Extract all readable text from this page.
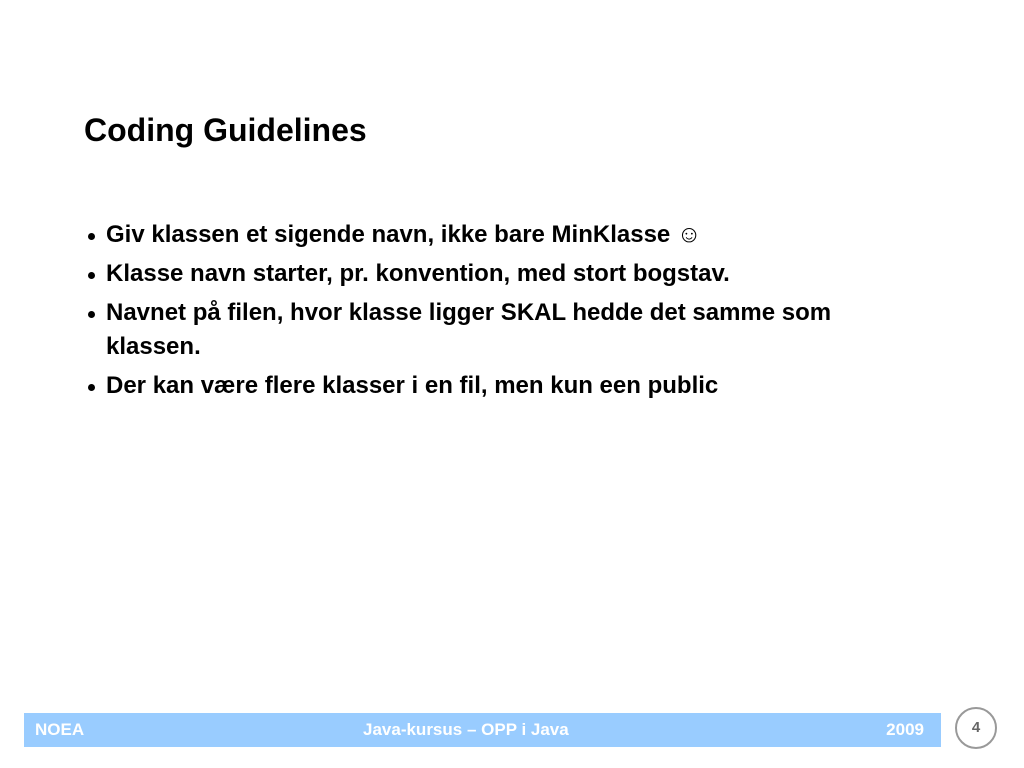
Coding Guidelines
Giv klassen et sigende navn, ikke bare MinKlasse ☺
Klasse navn starter, pr. konvention, med stort bogstav.
Navnet på filen, hvor klasse ligger SKAL hedde det samme som klassen.
Der kan være flere klasser i en fil, men kun een public
NOEA	Java-kursus – OPP i Java	2009	4
